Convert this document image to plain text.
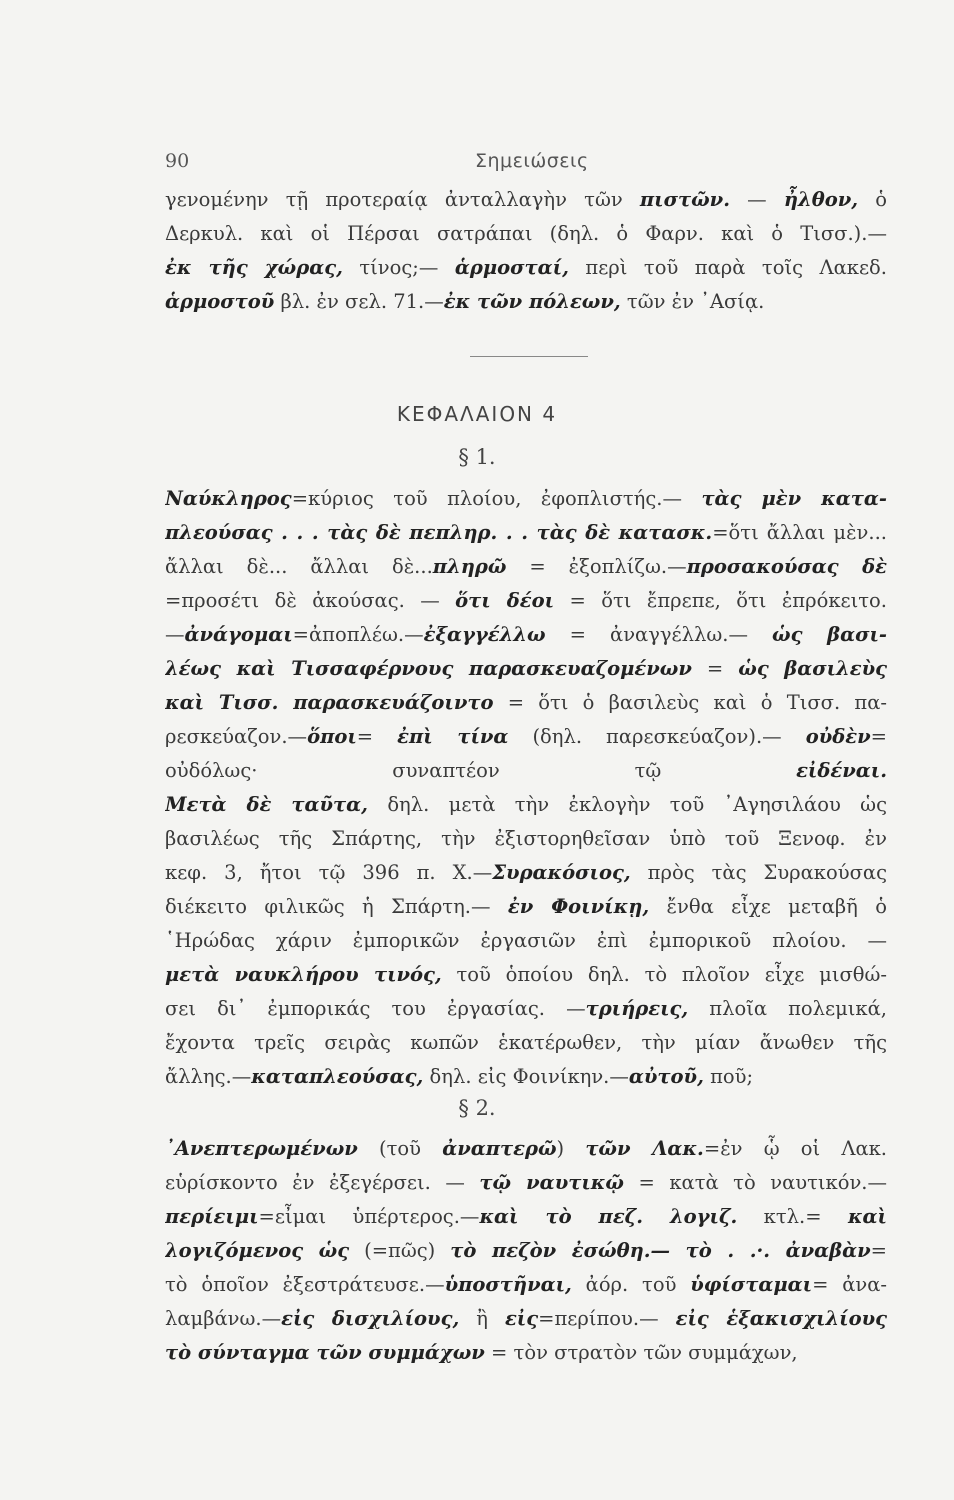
90	Σημειώσεις
γενομένην τῇ προτεραίᾳ ἀνταλλαγὴν τῶν πιστῶν. — ἦλθον, ὁ
Δερκυλ. καὶ οἱ Πέρσαι σατράπαι (δηλ. ὁ Φαρν. καὶ ὁ Τισσ.).—
ἐκ τῆς χώρας, τίνος;— ἁρμοσταί, περὶ τοῦ παρὰ τοῖς Λακεδ.
ἁρμοστοῦ βλ. ἐν σελ. 71.—ἐκ τῶν πόλεων, τῶν ἐν ᾽Ασίᾳ.
ΚΕΦΑΛΑΙΟΝ 4
§ 1.
Ναύκληρος=κύριος τοῦ πλοίου, ἐφοπλιστής.— τὰς μὲν κατα-
πλεούσας . . . τὰς δὲ πεπληρ. . . τὰς δὲ κατασκ.=ὅτι ἄλλαι μὲν...
ἄλλαι δὲ... ἄλλαι δὲ...πληρῶ = ἐξοπλίζω.—προσακούσας δὲ
=προσέτι δὲ ἀκούσας. — ὅτι δέοι = ὅτι ἔπρεπε, ὅτι ἐπρόκειτο.
—ἀνάγομαι=ἀποπλέω.—ἐξαγγέλλω = ἀναγγέλλω.— ὡς βασι-
λέως καὶ Τισσαφέρνους παρασκευαζομένων = ὡς βασιλεὺς
καὶ Τισσ. παρασκευάζοιντο = ὅτι ὁ βασιλεὺς καὶ ὁ Τισσ. πα-
ρεσκεύαζον.—ὅποι= ἐπὶ τίνα (δηλ. παρεσκεύαζον).— οὐδὲν=
οὐδόλως· συναπτέον τῷ εἰδέναι.
Μετὰ δὲ ταῦτα, δηλ. μετὰ τὴν ἐκλογὴν τοῦ ᾽Αγησιλάου ὡς
βασιλέως τῆς Σπάρτης, τὴν ἐξιστορηθεῖσαν ὑπὸ τοῦ Ξενοφ. ἐν
κεφ. 3, ἤτοι τῷ 396 π. Χ.—Συρακόσιος, πρὸς τὰς Συρακούσας
διέκειτο φιλικῶς ἡ Σπάρτη.— ἐν Φοινίκῃ, ἔνθα εἶχε μεταβῆ ὁ
῾Ηρώδας χάριν ἐμπορικῶν ἐργασιῶν ἐπὶ ἐμπορικοῦ πλοίου. —
μετὰ ναυκλήρου τινός, τοῦ ὁποίου δηλ. τὸ πλοῖον εἶχε μισθώ-
σει δι᾽ ἐμπορικάς του ἐργασίας. —τριήρεις, πλοῖα πολεμικά,
ἔχοντα τρεῖς σειρὰς κωπῶν ἑκατέρωθεν, τὴν μίαν ἄνωθεν τῆς
ἄλλης.—καταπλεούσας, δηλ. εἰς Φοινίκην.—αὐτοῦ, ποῦ;
§ 2.
᾽Ανεπτερωμένων (τοῦ ἀναπτερῶ) τῶν Λακ.=ἐν ᾧ οἱ Λακ.
εὑρίσκοντο ἐν ἐξεγέρσει. — τῷ ναυτικῷ = κατὰ τὸ ναυτικόν.—
περίειμι=εἶμαι ὑπέρτερος.—καὶ τὸ πεζ. λογιζ. κτλ.= καὶ
λογιζόμενος ὡς (=πῶς) τὸ πεζὸν ἐσώθη.— τὸ . .·. ἀναβὰν=
τὸ ὁποῖον ἐξεστράτευσε.—ὑποστῆναι, ἀόρ. τοῦ ὑφίσταμαι= ἀνα-
λαμβάνω.—εἰς δισχιλίους, ἢ εἰς=περίπου.— εἰς ἑξακισχιλίους
τὸ σύνταγμα τῶν συμμάχων = τὸν στρατὸν τῶν συμμάχων,
